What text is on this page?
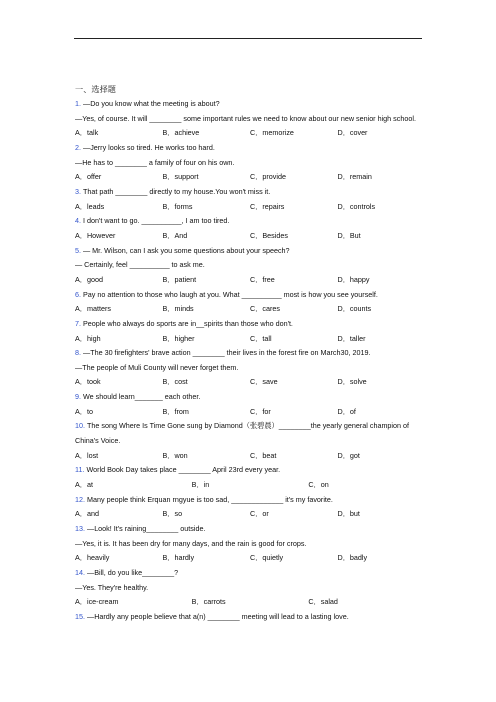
一、选择题
1. —Do you know what the meeting is about?
—Yes, of course. It will ________ some important rules we need to know about our new senior high school.
A．talk	B．achieve	C．memorize	D．cover
2. —Jerry looks so tired. He works too hard.
—He has to ________ a family of four on his own.
A．offer	B．support	C．provide	D．remain
3. That path ________ directly to my house.You won't miss it.
A．leads	B．forms	C．repairs	D．controls
4. I don't want to go. __________, I am too tired.
A．However	B．And	C．Besides	D．But
5. — Mr. Wilson, can I ask you some questions about your speech?
— Certainly, feel __________ to ask me.
A．good	B．patient	C．free	D．happy
6. Pay no attention to those who laugh at you. What __________ most is how you see yourself.
A．matters	B．minds	C．cares	D．counts
7. People who always do sports are in__spirits than those who don't.
A．high	B．higher	C．tall	D．taller
8. —The 30 firefighters' brave action ________ their lives in the forest fire on March30, 2019.
—The people of Muli County will never forget them.
A．took	B．cost	C．save	D．solve
9. We should learn_______ each other.
A．to	B．from	C．for	D．of
10. The song Where Is Time Gone sung by Diamond（张碧晨）________the yearly general champion of China's Voice.
A．lost	B．won	C．beat	D．got
11. World Book Day takes place ________ April 23rd every year.
A．at	B．in	C．on
12. Many people think Erquan rngyue is too sad, _____________ it's my favorite.
A．and	B．so	C．or	D．but
13. —Look! It's raining________ outside.
—Yes, it is. It has been dry for many days, and the rain is good for crops.
A．heavily	B．hardly	C．quietly	D．badly
14. —Bill, do you like________?
—Yes. They're healthy.
A．ice-cream	B．carrots	C．salad
15. —Hardly any people believe that a(n) ________ meeting will lead to a lasting love.
